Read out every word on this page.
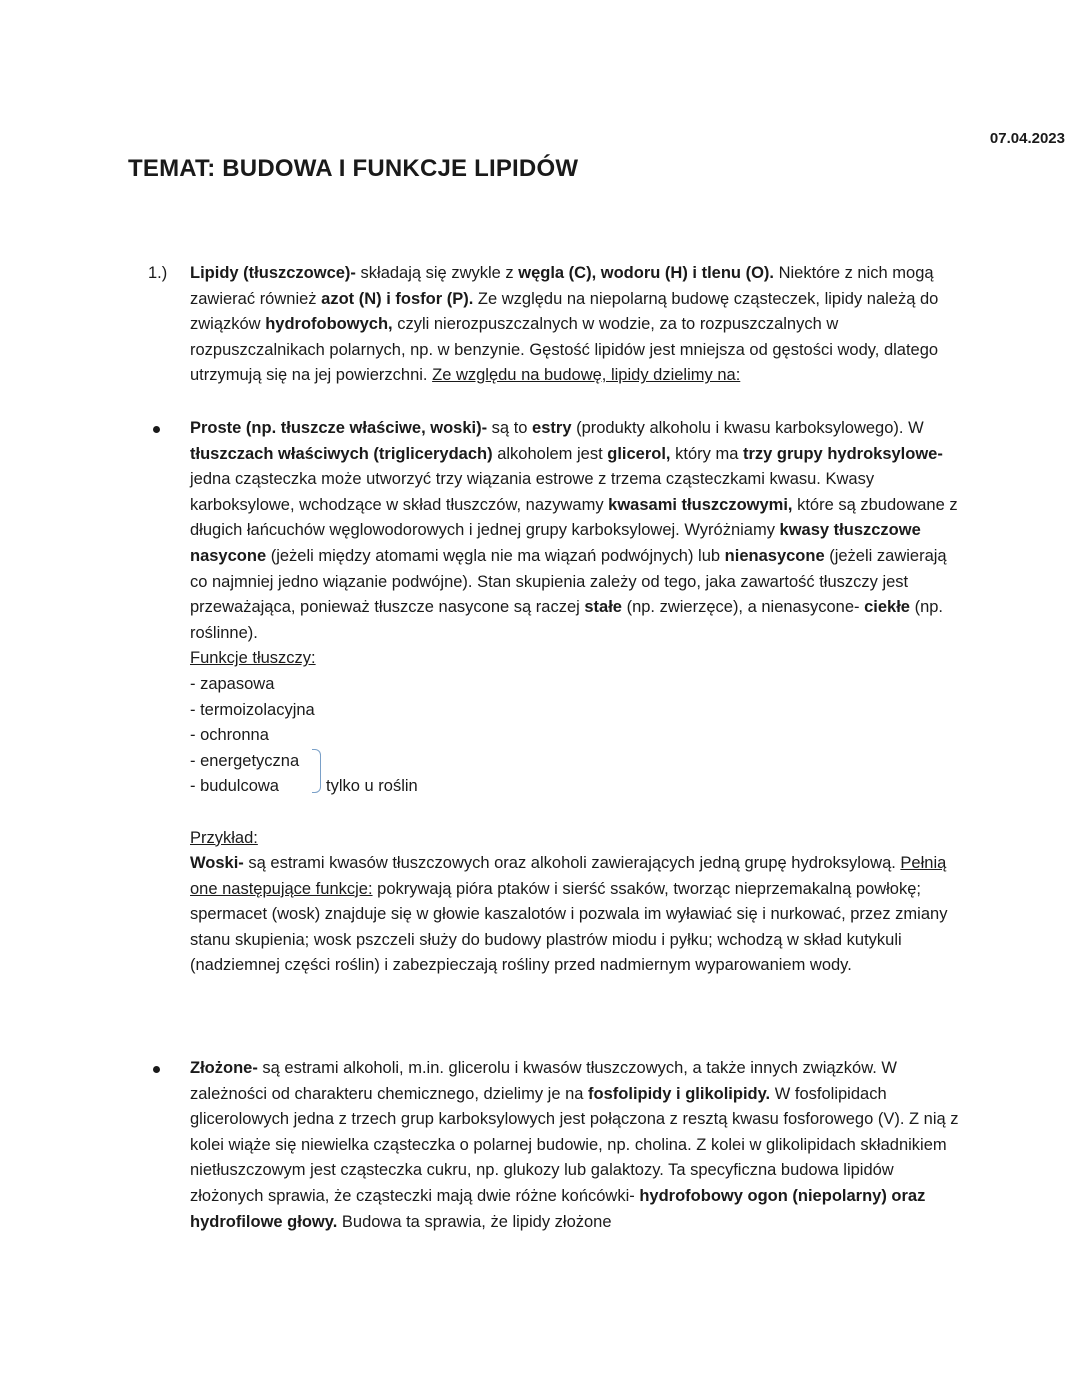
07.04.2023
TEMAT: BUDOWA I FUNKCJE LIPIDÓW
1.) Lipidy (tłuszczowce)- składają się zwykle z węgla (C), wodoru (H) i tlenu (O). Niektóre z nich mogą zawierać również azot (N) i fosfor (P). Ze względu na niepolarną budowę cząsteczek, lipidy należą do związków hydrofobowych, czyli nierozpuszczalnych w wodzie, za to rozpuszczalnych w rozpuszczalnikach polarnych, np. w benzynie. Gęstość lipidów jest mniejsza od gęstości wody, dlatego utrzymują się na jej powierzchni. Ze względu na budowę, lipidy dzielimy na:

Proste (np. tłuszcze właściwe, woski)- są to estry (produkty alkoholu i kwasu karboksylowego). W tłuszczach właściwych (triglicerydach) alkoholem jest glicerol, który ma trzy grupy hydroksylowe- jedna cząsteczka może utworzyć trzy wiązania estrowe z trzema cząsteczkami kwasu. Kwasy karboksylowe, wchodzące w skład tłuszczów, nazywamy kwasami tłuszczowymi, które są zbudowane z długich łańcuchów węglowodorowych i jednej grupy karboksylowej. Wyróżniamy kwasy tłuszczowe nasycone (jeżeli między atomami węgla nie ma wiązań podwójnych) lub nienasycone (jeżeli zawierają co najmniej jedno wiązanie podwójne). Stan skupienia zależy od tego, jaka zawartość tłuszczy jest przeważająca, ponieważ tłuszcze nasycone są raczej stałe (np. zwierzęce), a nienasycone- ciekłe (np. roślinne).

Funkcje tłuszczy:
- zapasowa
- termoizolacyjna
- ochronna
- energetyczna
- budulcowa	tylko u roślin
Przykład:

Woski- są estrami kwasów tłuszczowych oraz alkoholi zawierających jedną grupę hydroksylową. Pełnią one następujące funkcje: pokrywają pióra ptaków i sierść ssaków, tworząc nieprzemakalną powłokę; spermacet (wosk) znajduje się w głowie kaszalotów i pozwala im wyławiać się i nurkować, przez zmiany stanu skupienia; wosk pszczeli służy do budowy plastrów miodu i pyłku; wchodzą w skład kutykuli (nadziemnej części roślin) i zabezpieczają rośliny przed nadmiernym wyparowaniem wody.

Złożone- są estrami alkoholi, m.in. glicerolu i kwasów tłuszczowych, a także innych związków. W zależności od charakteru chemicznego, dzielimy je na fosfolipidy i glikolipidy. W fosfolipidach glicerolowych jedna z trzech grup karboksylowych jest połączona z resztą kwasu fosforowego (V). Z nią z kolei wiąże się niewielka cząsteczka o polarnej budowie, np. cholina. Z kolei w glikolipidach składnikiem nietłuszczowym jest cząsteczka cukru, np. glukozy lub galaktozy. Ta specyficzna budowa lipidów złożonych sprawia, że cząsteczki mają dwie różne końcówki- hydrofobowy ogon (niepolarny) oraz hydrofilowe głowy. Budowa ta sprawia, że lipidy złożone
